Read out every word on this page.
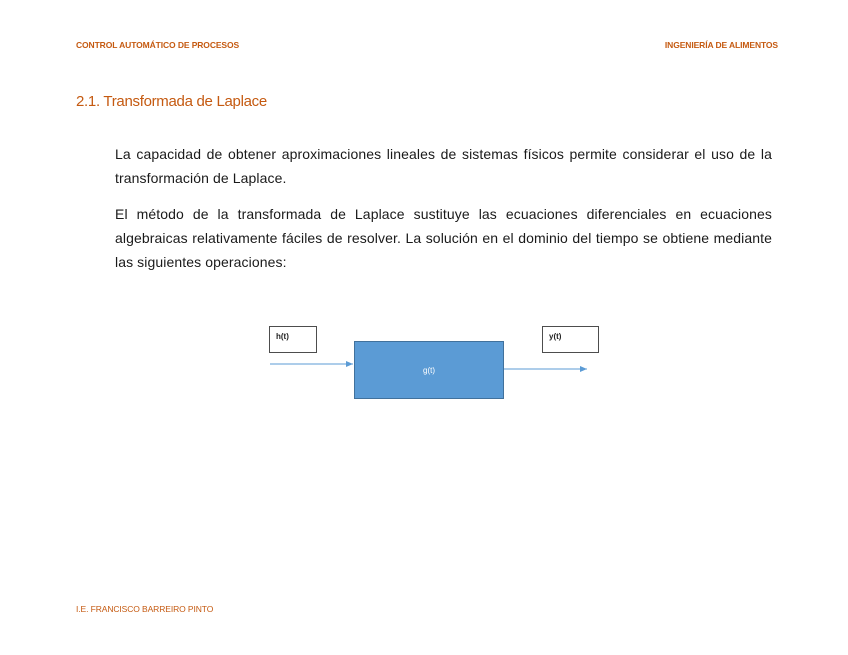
CONTROL AUTOMÁTICO DE PROCESOS	INGENIERÍA DE ALIMENTOS
2.1. Transformada de Laplace

La capacidad de obtener aproximaciones lineales de sistemas físicos permite considerar el uso de la transformación de Laplace.

El método de la transformada de Laplace sustituye las ecuaciones diferenciales en ecuaciones algebraicas relativamente fáciles de resolver. La solución en el dominio del tiempo se obtiene mediante las siguientes operaciones:

h(t)
g(t)
y(t)
I.E. FRANCISCO BARREIRO PINTO
